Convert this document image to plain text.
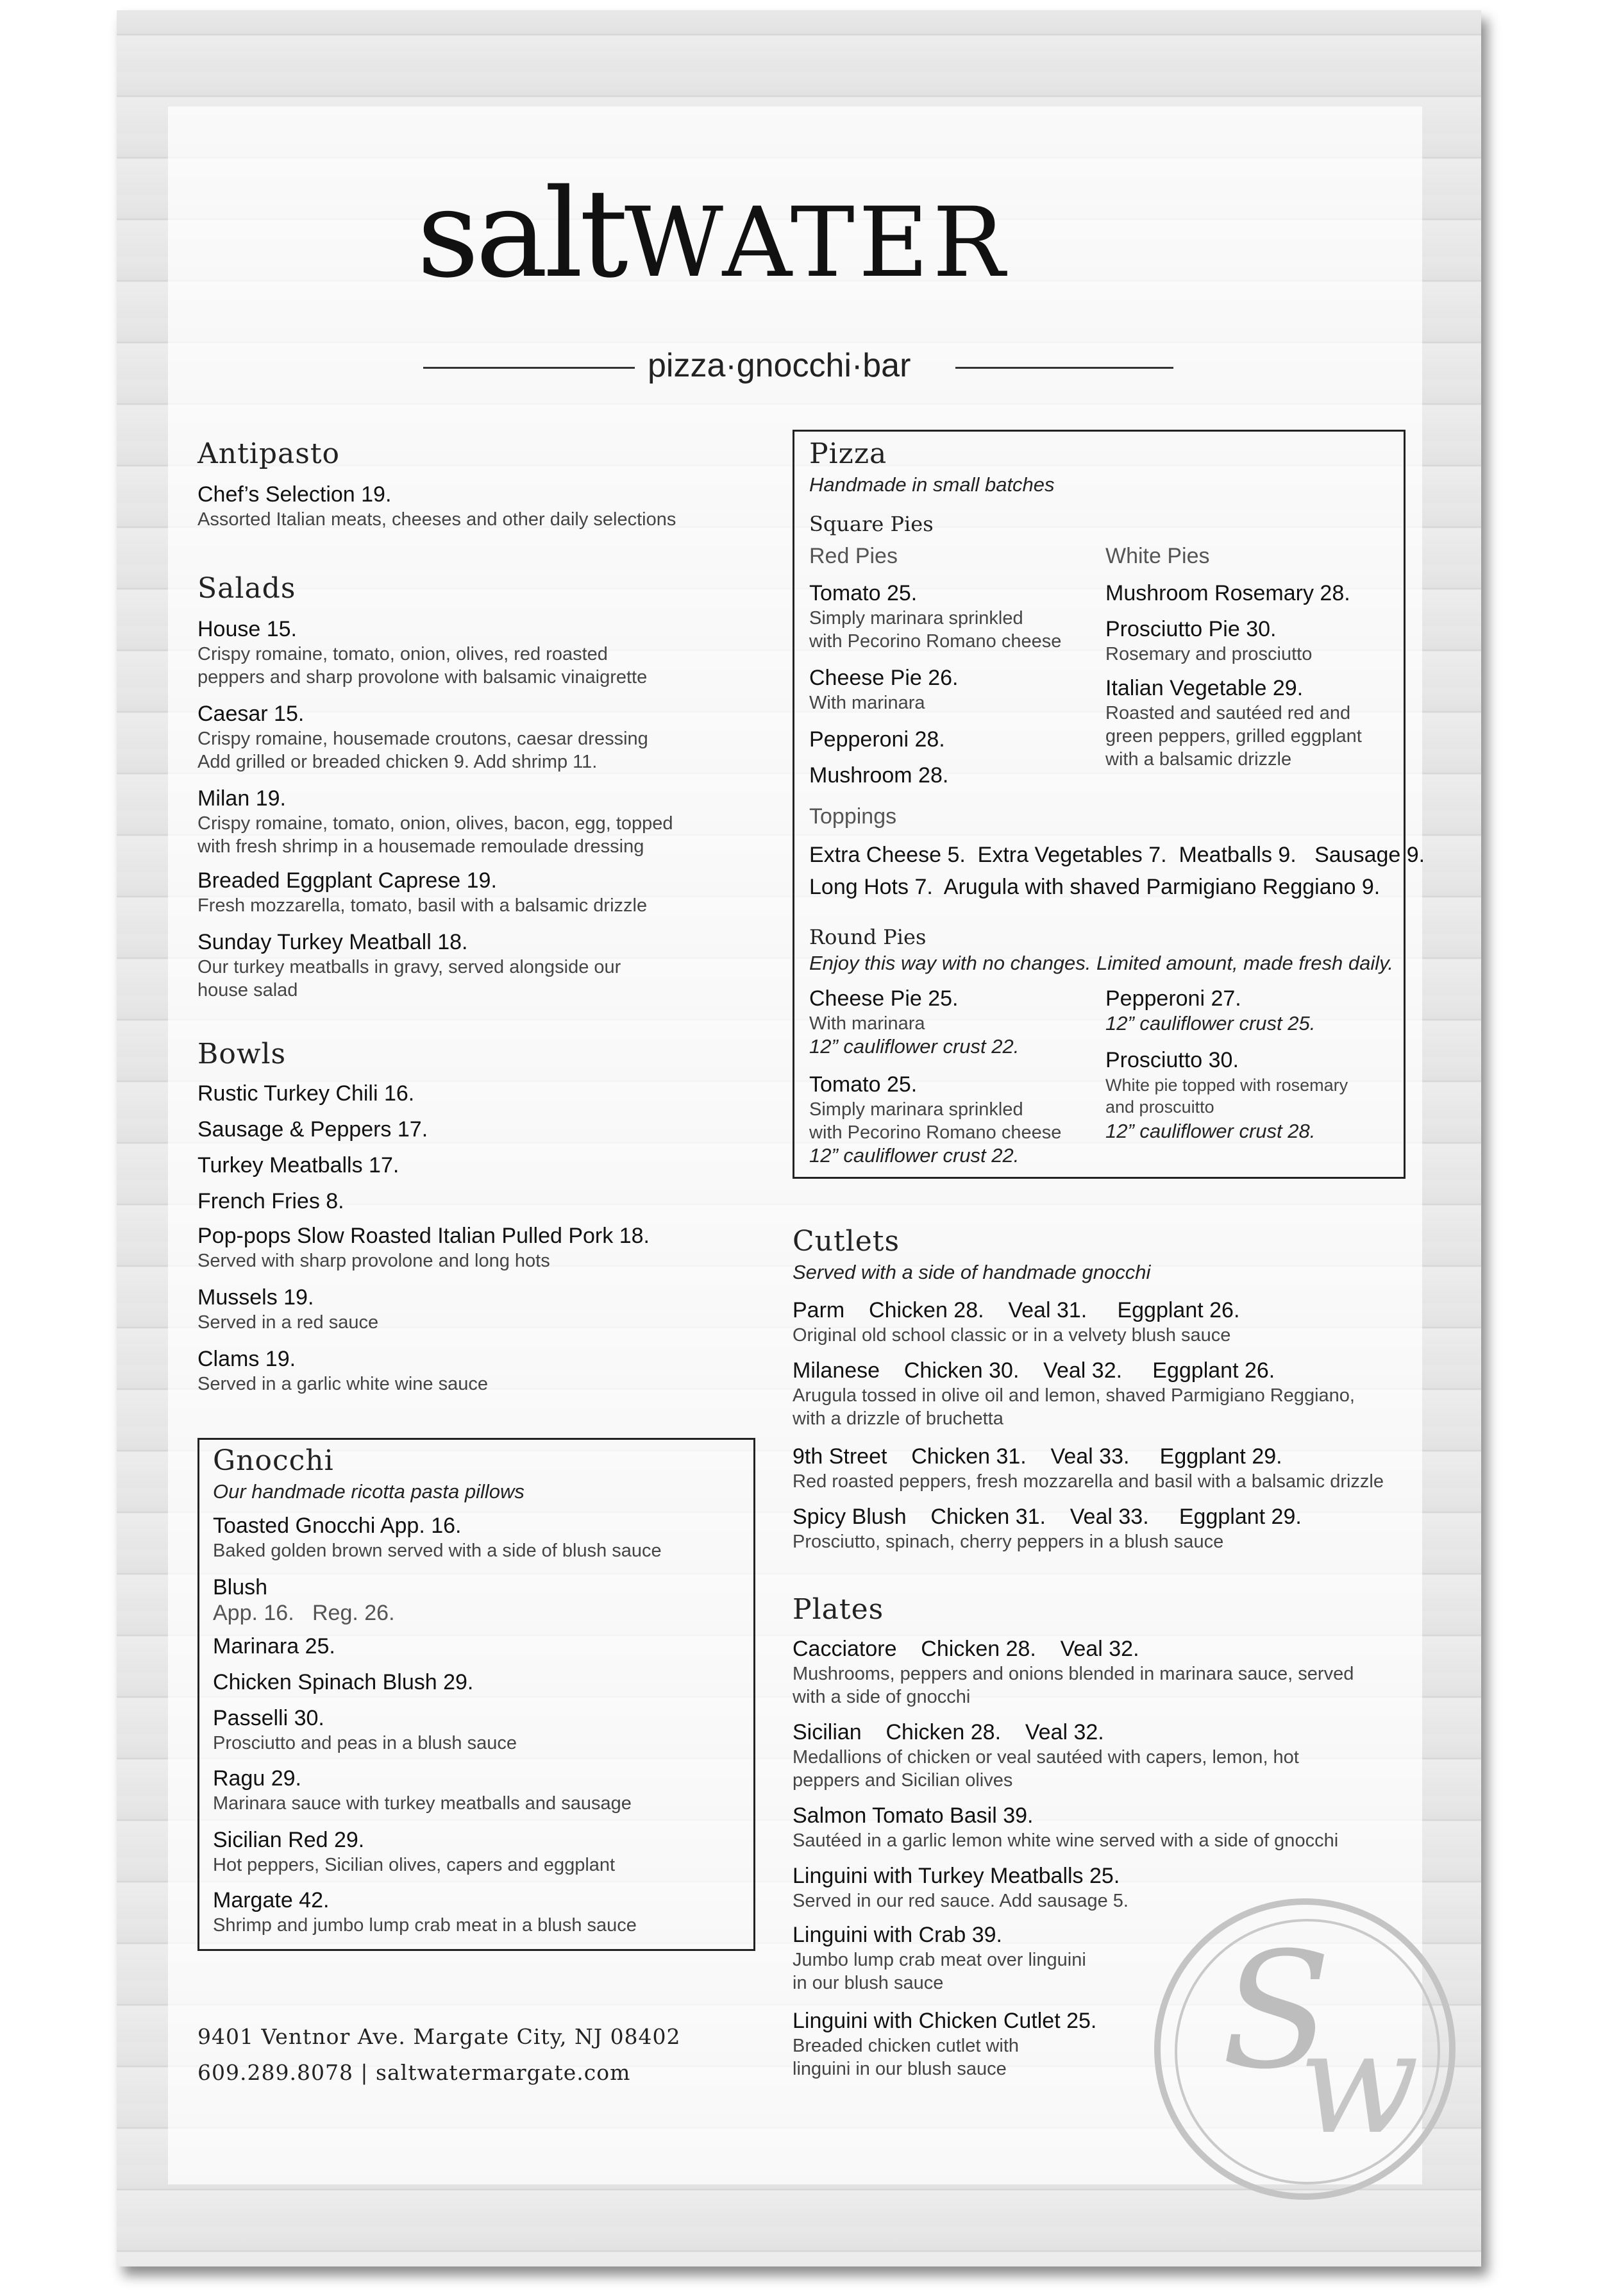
saltWATER
pizza·gnocchi·bar
Antipasto
Chef’s Selection 19.
Assorted Italian meats, cheeses and other daily selections
Salads
House 15.
Crispy romaine, tomato, onion, olives, red roasted
peppers and sharp provolone with balsamic vinaigrette
Caesar 15.
Crispy romaine, housemade croutons, caesar dressing
Add grilled or breaded chicken 9. Add shrimp 11.
Milan 19.
Crispy romaine, tomato, onion, olives, bacon, egg, topped
with fresh shrimp in a housemade remoulade dressing
Breaded Eggplant Caprese 19.
Fresh mozzarella, tomato, basil with a balsamic drizzle
Sunday Turkey Meatball 18.
Our turkey meatballs in gravy, served alongside our
house salad
Bowls
Rustic Turkey Chili 16.
Sausage & Peppers 17.
Turkey Meatballs 17.
French Fries 8.
Pop-pops Slow Roasted Italian Pulled Pork 18.
Served with sharp provolone and long hots
Mussels 19.
Served in a red sauce
Clams 19.
Served in a garlic white wine sauce
Gnocchi
Our handmade ricotta pasta pillows
Toasted Gnocchi App. 16.
Baked golden brown served with a side of blush sauce
Blush
App. 16.   Reg. 26.
Marinara 25.
Chicken Spinach Blush 29.
Passelli 30.
Prosciutto and peas in a blush sauce
Ragu 29.
Marinara sauce with turkey meatballs and sausage
Sicilian Red 29.
Hot peppers, Sicilian olives, capers and eggplant
Margate 42.
Shrimp and jumbo lump crab meat in a blush sauce
9401 Ventnor Ave. Margate City, NJ 08402
609.289.8078 | saltwatermargate.com
Pizza
Handmade in small batches
Square Pies
Red Pies	White Pies
Tomato 25.
Simply marinara sprinkled
with Pecorino Romano cheese
Cheese Pie 26.
With marinara
Pepperoni 28.
Mushroom 28.
Mushroom Rosemary 28.
Prosciutto Pie 30.
Rosemary and prosciutto
Italian Vegetable 29.
Roasted and sautéed red and
green peppers, grilled eggplant
with a balsamic drizzle
Toppings
Extra Cheese 5.  Extra Vegetables 7.  Meatballs 9.   Sausage 9.
Long Hots 7.  Arugula with shaved Parmigiano Reggiano 9.
Round Pies
Enjoy this way with no changes. Limited amount, made fresh daily.
Cheese Pie 25.
With marinara
12” cauliflower crust 22.
Tomato 25.
Simply marinara sprinkled
with Pecorino Romano cheese
12” cauliflower crust 22.
Pepperoni 27.
12” cauliflower crust 25.
Prosciutto 30.
White pie topped with rosemary
and proscuitto
12” cauliflower crust 28.
Cutlets
Served with a side of handmade gnocchi
Parm    Chicken 28.    Veal 31.     Eggplant 26.
Original old school classic or in a velvety blush sauce
Milanese    Chicken 30.    Veal 32.     Eggplant 26.
Arugula tossed in olive oil and lemon, shaved Parmigiano Reggiano,
with a drizzle of bruchetta
9th Street    Chicken 31.    Veal 33.     Eggplant 29.
Red roasted peppers, fresh mozzarella and basil with a balsamic drizzle
Spicy Blush    Chicken 31.    Veal 33.     Eggplant 29.
Prosciutto, spinach, cherry peppers in a blush sauce
Plates
Cacciatore    Chicken 28.    Veal 32.
Mushrooms, peppers and onions blended in marinara sauce, served
with a side of gnocchi
Sicilian    Chicken 28.    Veal 32.
Medallions of chicken or veal sautéed with capers, lemon, hot
peppers and Sicilian olives
Salmon Tomato Basil 39.
Sautéed in a garlic lemon white wine served with a side of gnocchi
Linguini with Turkey Meatballs 25.
Served in our red sauce. Add sausage 5.
Linguini with Crab 39.
Jumbo lump crab meat over linguini
in our blush sauce
Linguini with Chicken Cutlet 25.
Breaded chicken cutlet with
linguini in our blush sauce S
w
